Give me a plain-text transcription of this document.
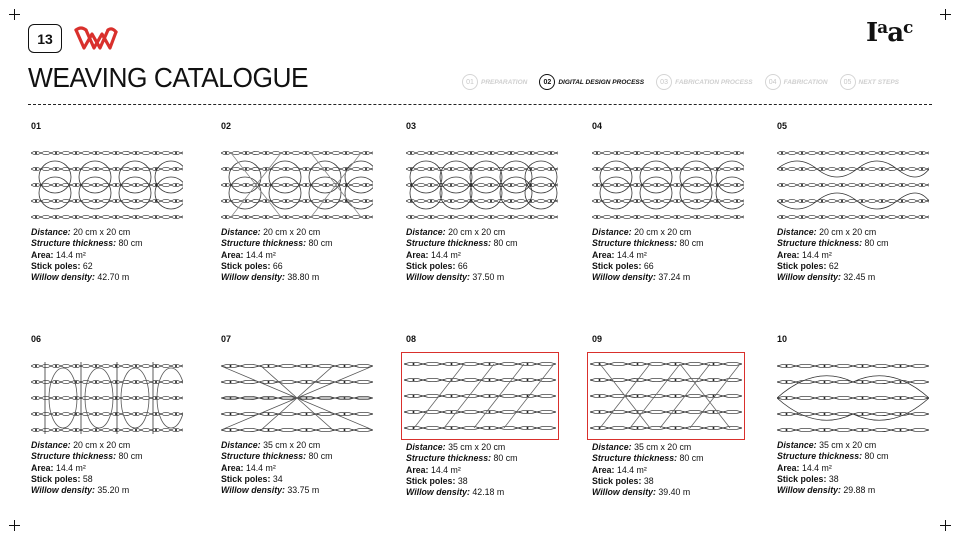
13	$I^aa^c$
WEAVING CATALOGUE	01	PREPARATION	02	DIGITAL DESIGN PROCESS	03	FABRICATION PROCESS	04	FABRICATION	05	NEXT STEPS
01
Distance: 20 cm x 20 cm
Structure thickness: 80 cm
Area: 14.4 m²
Stick poles: 62
Willow density: 42.70 m
02
Distance: 20 cm x 20 cm
Structure thickness: 80 cm
Area: 14.4 m²
Stick poles: 66
Willow density: 38.80 m
03
Distance: 20 cm x 20 cm
Structure thickness: 80 cm
Area: 14.4 m²
Stick poles: 66
Willow density: 37.50 m
04
Distance: 20 cm x 20 cm
Structure thickness: 80 cm
Area: 14.4 m²
Stick poles: 66
Willow density: 37.24 m
05
Distance: 20 cm x 20 cm
Structure thickness: 80 cm
Area: 14.4 m²
Stick poles: 62
Willow density: 32.45 m
06
Distance: 20 cm x 20 cm
Structure thickness: 80 cm
Area: 14.4 m²
Stick poles: 58
Willow density: 35.20 m
07
Distance: 35 cm x 20 cm
Structure thickness: 80 cm
Area: 14.4 m²
Stick poles: 34
Willow density: 33.75 m
08
Distance: 35 cm x 20 cm
Structure thickness: 80 cm
Area: 14.4 m²
Stick poles: 38
Willow density: 42.18 m
09
Distance: 35 cm x 20 cm
Structure thickness: 80 cm
Area: 14.4 m²
Stick poles: 38
Willow density: 39.40 m
10
Distance: 35 cm x 20 cm
Structure thickness: 80 cm
Area: 14.4 m²
Stick poles: 38
Willow density: 29.88 m
